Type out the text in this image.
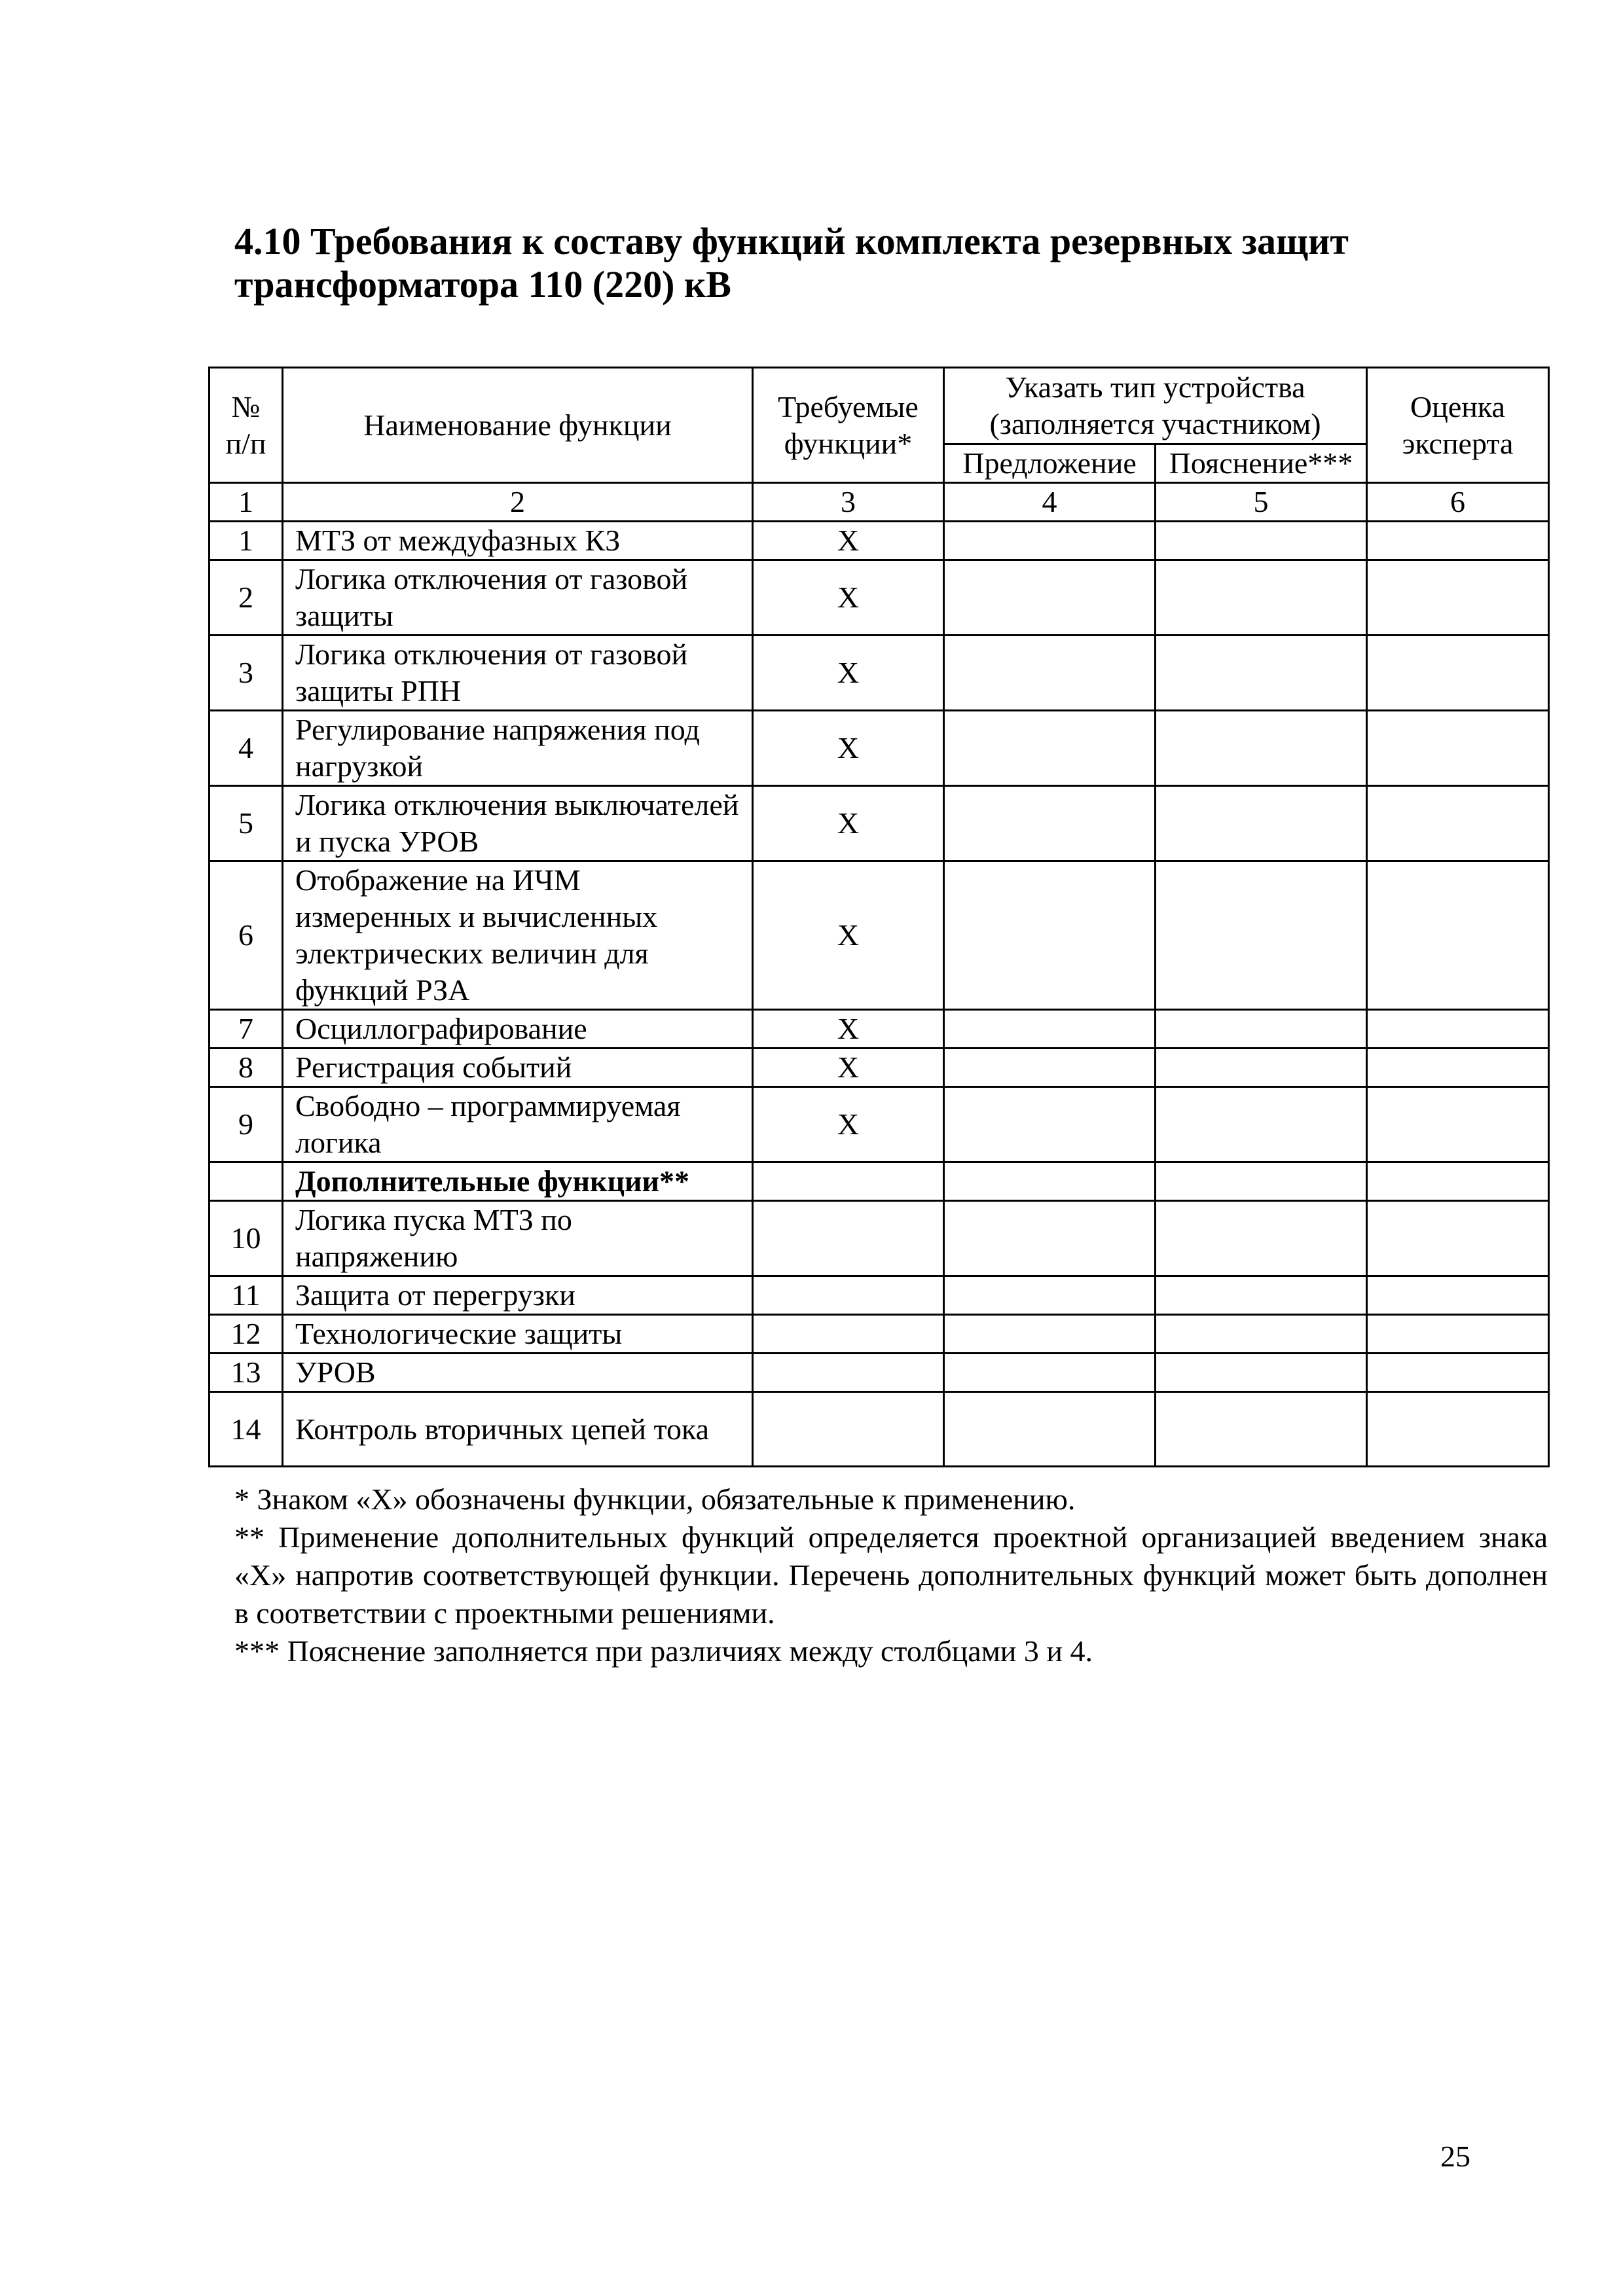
4.10 Требования к составу функций комплекта резервных защит трансформатора 110 (220) кВ
№ п/п	Наименование функции	Требуемые функции*	Указать тип устройства (заполняется участником)		Оценка эксперта
			Предложение	Пояснение***	
1	2	3	4	5	6
1	МТЗ от междуфазных КЗ	X			
2	Логика отключения от газовой защиты	X			
3	Логика отключения от газовой защиты РПН	X			
4	Регулирование напряжения под нагрузкой	X			
5	Логика отключения выключателей и пуска УРОВ	X			
6	Отображение на ИЧМ измеренных и вычисленных электрических величин для функций РЗА	X			
7	Осциллографирование	X			
8	Регистрация событий	X			
9	Свободно – программируемая логика	X			
	Дополнительные функции**				
10	Логика пуска МТЗ по напряжению				
11	Защита от перегрузки				
12	Технологические защиты				
13	УРОВ				
14	Контроль вторичных цепей тока				

* Знаком «Х» обозначены функции, обязательные к применению.

** Применение дополнительных функций определяется проектной организацией введением знака «Х» напротив соответствующей функции. Перечень дополнительных функций может быть дополнен в соответствии с проектными решениями.

*** Пояснение заполняется при различиях между столбцами 3 и 4.

25
